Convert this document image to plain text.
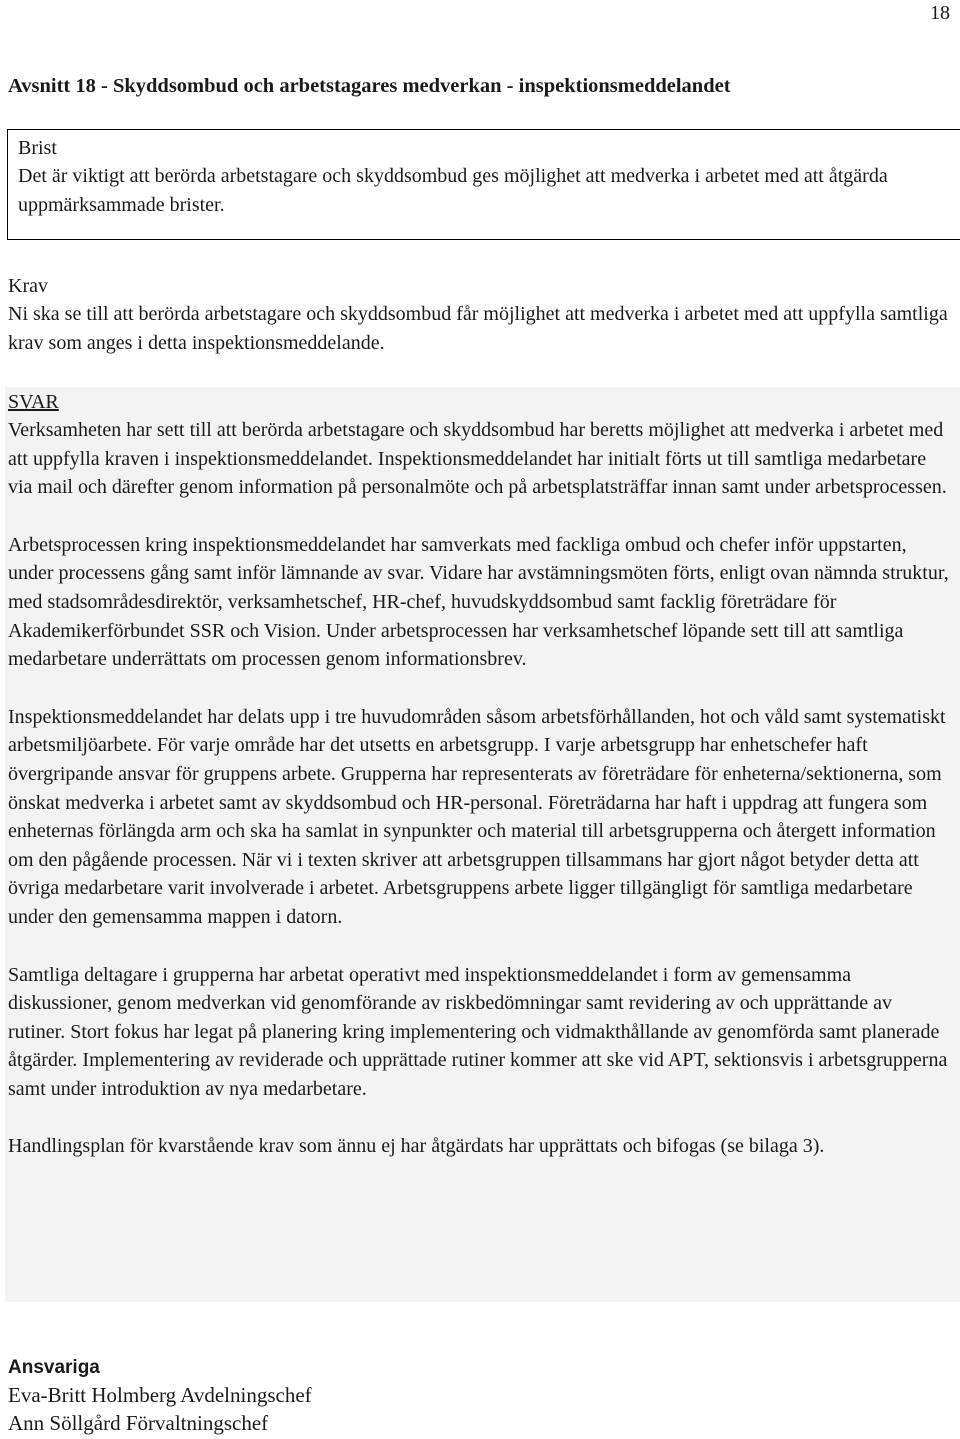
18
Avsnitt 18 - Skyddsombud och arbetstagares medverkan - inspektionsmeddelandet

Brist

Det är viktigt att berörda arbetstagare och skyddsombud ges möjlighet att medverka i arbetet med att åtgärda uppmärksammade brister.

Krav

Ni ska se till att berörda arbetstagare och skyddsombud får möjlighet att medverka i arbetet med att uppfylla samtliga krav som anges i detta inspektionsmeddelande.

SVAR

Verksamheten har sett till att berörda arbetstagare och skyddsombud har beretts möjlighet att medverka i arbetet med att uppfylla kraven i inspektionsmeddelandet. Inspektionsmeddelandet har initialt förts ut till samtliga medarbetare via mail och därefter genom information på personalmöte och på arbetsplatsträffar innan samt under arbetsprocessen.

Arbetsprocessen kring inspektionsmeddelandet har samverkats med fackliga ombud och chefer inför uppstarten, under processens gång samt inför lämnande av svar. Vidare har avstämningsmöten förts, enligt ovan nämnda struktur, med stadsområdesdirektör, verksamhetschef, HR-chef, huvudskyddsombud samt facklig företrädare för Akademikerförbundet SSR och Vision. Under arbetsprocessen har verksamhetschef löpande sett till att samtliga medarbetare underrättats om processen genom informationsbrev.

Inspektionsmeddelandet har delats upp i tre huvudområden såsom arbetsförhållanden, hot och våld samt systematiskt arbetsmiljöarbete. För varje område har det utsetts en arbetsgrupp. I varje arbetsgrupp har enhetschefer haft övergripande ansvar för gruppens arbete. Grupperna har representerats av företrädare för enheterna/sektionerna, som önskat medverka i arbetet samt av skyddsombud och HR-personal. Företrädarna har haft i uppdrag att fungera som enheternas förlängda arm och ska ha samlat in synpunkter och material till arbetsgrupperna och återgett information om den pågående processen. När vi i texten skriver att arbetsgruppen tillsammans har gjort något betyder detta att övriga medarbetare varit involverade i arbetet. Arbetsgruppens arbete ligger tillgängligt för samtliga medarbetare under den gemensamma mappen i datorn.

Samtliga deltagare i grupperna har arbetat operativt med inspektionsmeddelandet i form av gemensamma diskussioner, genom medverkan vid genomförande av riskbedömningar samt revidering av och upprättande av rutiner. Stort fokus har legat på planering kring implementering och vidmakthållande av genomförda samt planerade åtgärder. Implementering av reviderade och upprättade rutiner kommer att ske vid APT, sektionsvis i arbetsgrupperna samt under introduktion av nya medarbetare.

Handlingsplan för kvarstående krav som ännu ej har åtgärdats har upprättats och bifogas (se bilaga 3).

Ansvariga

Eva-Britt Holmberg Avdelningschef

Ann Söllgård Förvaltningschef
